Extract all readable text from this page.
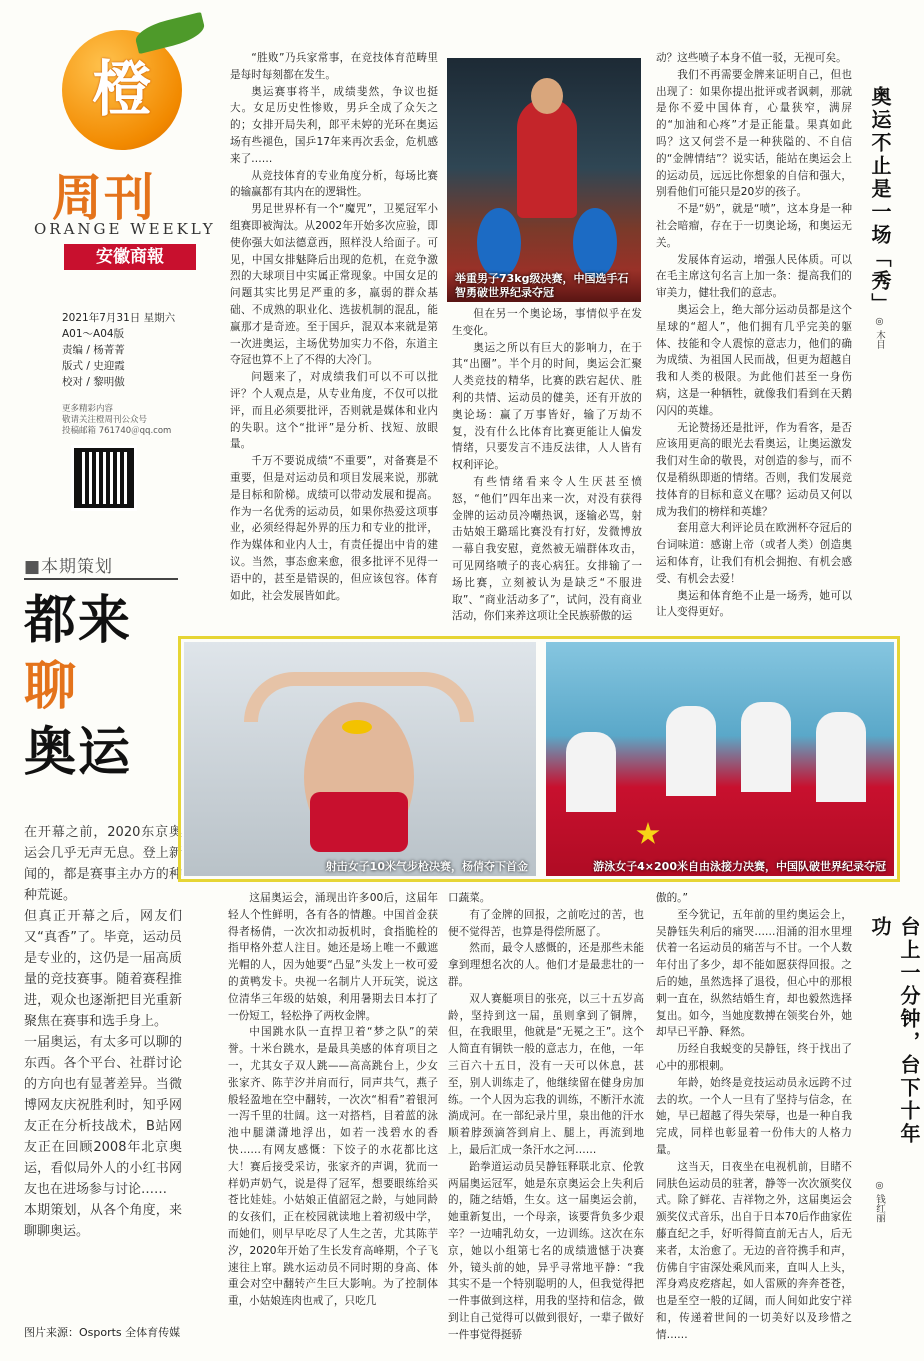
橙
周刊
ORANGE WEEKLY
安徽商報
2021年7月31日 星期六
A01～A04版
责编 / 杨菁菁
版式 / 史迎霞
校对 / 黎明傲
更多精彩内容
敬请关注橙周刊公众号
投稿邮箱 761740＠qq.com

“胜败”乃兵家常事，在竞技体育范畴里是每时每刻都在发生。

奥运赛事将半，成绩斐然，争议也挺大。女足历史性惨败，男乒全成了众矢之的；女排开局失利，郎平未婷的光环在奥运场有些褪色，国乒17年来再次丢金，危机感来了……

从竞技体育的专业角度分析，每场比赛的输赢都有其内在的逻辑性。

男足世界杯有一个“魔咒”，卫冕冠军小组赛即被淘汰。从2002年开始多次应验，即使你强大如法德意西，照样没人给面子。可见，中国女排魅降后出现的危机，在竞争激烈的大球项目中实属正常现象。中国女足的问题其实比男足严重的多，羸弱的群众基础、不成熟的职业化、选拔机制的混乱，能赢那才是奇迹。至于国乒，混双本来就是第一次进奥运，主场优势加实力不俗，东道主夺冠也算不上了不得的大冷门。

问题来了，对成绩我们可以不可以批评？个人观点是，从专业角度，不仅可以批评，而且必须要批评，否则就是媒体和业内的失职。这个“批评”是分析、找短、放眼量。

千万不要说成绩“不重要”，对备赛是不重要，但是对运动员和项目发展来说，那就是目标和阶梯。成绩可以带动发展和提高。作为一名优秀的运动员，如果你热爱这项事业，必须经得起外界的压力和专业的批评，作为媒体和业内人士，有责任提出中肯的建议。当然，事态愈来愈，很多批评不见得一语中的，甚至是错误的，但应该包容。体育如此，社会发展皆如此。

举重男子73kg级决赛，中国选手石智勇破世界纪录夺冠

但在另一个奥论场，事情似乎在发生变化。

奥运之所以有巨大的影响力，在于其“出圈”。半个月的时间，奥运会汇聚人类竞技的精华，比赛的跌宕起伏、胜利的共情、运动员的健美，还有开放的奥论场：赢了万事皆好，输了万劫不复，没有什么比体育比赛更能让人偏发情绪，只要发言不违反法律，人人皆有权利评论。

有些情绪看来令人生厌甚至愤怒，“他们”四年出来一次，对没有获得金牌的运动员冷嘲热讽，逐输必骂，射击姑娘王璐瑶比赛没有打好，发微博放一幕自我安慰，竟然被无端群体攻击，可见网络喷子的丧心病狂。女排输了一场比赛，立刻被认为是缺乏“不服进取”、“商业活动多了”，试问，没有商业活动，你们来养这项让全民族骄傲的运

动？这些喷子本身不值一驳，无视可矣。

我们不再需要金牌来证明自己，但也出现了：如果你提出批评或者讽刺，那就是你不爱中国体育，心量狭窄，满屏的“加油和心疼”才是正能量。果真如此吗？这又何尝不是一种狭隘的、不自信的“金牌情结”？说实话，能站在奥运会上的运动员，远远比你想象的自信和强大，别看他们可能只是20岁的孩子。

不是“奶”，就是“喷”，这本身是一种社会暗瘤，存在于一切奥论场，和奥运无关。

发展体育运动，增强人民体质。可以在毛主席这句名言上加一条：提高我们的审美力，健壮我们的意志。

奥运会上，绝大部分运动员都是这个星球的“超人”，他们拥有几乎完美的躯体、技能和令人震惊的意志力，他们的确为成绩、为祖国人民而战，但更为超越自我和人类的极限。为此他们甚至一身伤病，这是一种牺牲，就像我们看到在天鹅闪闪的英雄。

无论赞扬还是批评，作为看客，是否应该用更高的眼光去看奥运，让奥运激发我们对生命的敬畏，对创造的参与，而不仅是稍纵即逝的情绪。否则，我们发展竞技体育的目标和意义在哪？运动员又何以成为我们的榜样和英雄？

套用意大利评论员在欧洲杯夺冠后的台词味道：感谢上帝（或者人类）创造奥运和体育，让我们有机会拥抱、有机会感受、有机会去爱！

奥运和体育绝不止是一场秀，她可以让人变得更好。

奥运不止是一场「秀」
◎ 木目
■本期策划
都来
聊
奥运

在开幕之前，2020东京奥运会几乎无声无息。登上新闻的，都是赛事主办方的种种荒诞。

但真正开幕之后，网友们又“真香”了。毕竟，运动员是专业的，这仍是一届高质量的竞技赛事。随着赛程推进，观众也逐渐把目光重新聚焦在赛事和选手身上。

一届奥运，有太多可以聊的东西。各个平台、社群讨论的方向也有显著差异。当微博网友庆祝胜利时，知乎网友正在分析技战术，B站网友正在回顾2008年北京奥运，看似局外人的小红书网友也在进场参与讨论……

本期策划，从各个角度，来聊聊奥运。

图片来源：Osports 全体育传媒
射击女子10米气步枪决赛，杨倩夺下首金	游泳女子4×200米自由泳接力决赛，中国队破世界纪录夺冠

这届奥运会，涌现出许多00后，这届年轻人个性鲜明，各有各的情趣。中国首金获得者杨倩，一次次扣动扳机时，食指脆栓的指甲格外惹人注目。她还是场上唯一不戴遮光帽的人，因为她要“凸显”头发上一枚可爱的黄鸭发卡。央视一名制片人开玩笑，说这位清华三年级的姑娘，利用暑期去日本打了一份短工，轻松挣了两枚金牌。

中国跳水队一直捍卫着“梦之队”的荣誉。十米台跳水，是最具美感的体育项目之一，尤其女子双人跳——高高跳台上，少女张家齐、陈芋汐并肩而行，同声共气，燕子般轻盈地在空中翻转，一次次“相看”着银河一泻千里的壮阔。这一对搭档，目着蓝的泳池中腿潇潇地浮出，如若一浅碧水的香快……有网友感慨：下饺子的水花都比这大！赛后接受采访，张家齐的声调，犹而一样奶声奶气，说是得了冠军，想要眼练给买苍比娃娃。小姑娘正值韶冠之龄，与她同龄的女孩们，正在校园就读地上着初级中学，而她们，则早早吃尽了人生之苦，尤其陈芋汐，2020年开始了生长发育高峰期，个子飞速往上窜。跳水运动员不同时期的身高、体重会对空中翻转产生巨大影响。为了控制体重，小姑娘连肉也戒了，只吃几

口蔬菜。

有了金牌的回报，之前吃过的苦，也便不觉得苦，也算是得偿所愿了。

然而，最令人感慨的，还是那些未能拿到理想名次的人。他们才是最悲壮的一群。

双人赛艇项目的张亮，以三十五岁高龄，坚持到这一届，虽则拿到了铜牌，但，在我眼里，他就是“无冕之王”。这个人简直有铜铁一般的意志力，在他，一年三百六十五日，没有一天可以休息，甚至，别人训练走了，他继续留在健身房加练。一个人因为忘我的训练，不断汗水流淌成河。在一部纪录片里，泉出他的汗水顺着脖颈滴答到肩上、腿上，再流到地上，最后汇成一条汗水之河……

跆拳道运动员吴静钰释联北京、伦敦两届奥运冠军，她是东京奥运会上失利后的，随之结婚，生女。这一届奥运会前，她重新复出，一个母亲，该要背负多少艰辛？一边哺乳幼女，一边训练。这次在东京，她以小组第七名的成绩遗憾于决赛外，镜头前的她，异乎寻常地平静：“我其实不是一个特别聪明的人，但我觉得把一件事做到这样，用我的坚持和信念，做到让自己觉得可以做到很好，一辈子做好一件事觉得挺骄

傲的。”

至今犹记，五年前的里约奥运会上，吴静钰失利后的痛哭……泪涌的泪水里埋伏着一名运动员的痛苦与不甘。一个人数年付出了多少，却不能如愿获得回报。之后的她，虽然选择了退役，但心中的那根刺一直在，纵然结婚生育，却也毅然选择复出。如今，当她度数搏在领奖台外，她却早已平静、释然。

历经自我蜕变的吴静钰，终于找出了心中的那根刺。

年龄，始终是竞技运动员永远跨不过去的坎。一个人一旦有了坚持与信念，在她，早已超越了得失荣辱，也是一种自我完成，同样也彰显着一份伟大的人格力量。

这当天，日夜坐在电视机前，目睹不同肤色运动员的驻著，静等一次次颁奖仪式。除了鲜花、吉祥物之外，这届奥运会颁奖仪式音乐，出自于日本70后作曲家佐藤直纪之手，好听得简直前无古人，后无来者，太治愈了。无边的音符携手和声，仿佛自宇宙深处乘风而来，直叫人上头，浑身鸡皮疙瘩起，如人雷厥的奔奔苍苍，也是至空一般的辽阔，而人间如此安宁祥和，传递着世间的一切美好以及珍惜之情……

台上一分钟，台下十年功
◎ 钱红丽
